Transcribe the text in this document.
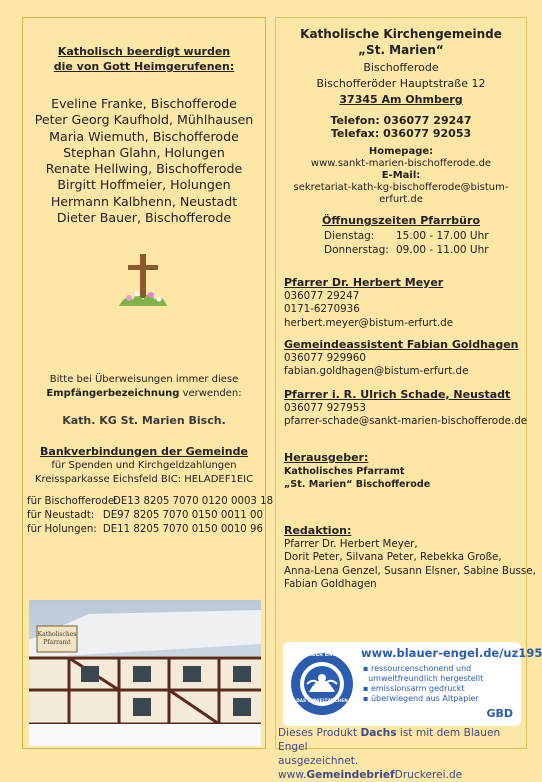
Katholisch beerdigt wurden
die von Gott Heimgerufenen:
Eveline Franke, Bischofferode
Peter Georg Kaufhold, Mühlhausen
Maria Wiemuth, Bischofferode
Stephan Glahn, Holungen
Renate Hellwing, Bischofferode
Birgitt Hoffmeier, Holungen
Hermann Kalbhenn, Neustadt
Dieter Bauer, Bischofferode
Bitte bei Überweisungen immer diese
Empfängerbezeichnung verwenden:
Kath. KG St. Marien Bisch.
Bankverbindungen der Gemeinde
für Spenden und Kirchgeldzahlungen
Kreissparkasse Eichsfeld BIC: HELADEF1EIC
für Bischofferode:
DE13 8205 7070 0120 0003 18
für Neustadt: DE97 8205 7070 0150 0011 00
für Holungen: DE11 8205 7070 0150 0010 96
Katholisches
Pfarramt
Katholische Kirchengemeinde
„St. Marien“
Bischofferode
Bischofferöder Hauptstraße 12
37345 Am Ohmberg
Telefon: 036077 29247
Telefax: 036077 92053
Homepage:
www.sankt-marien-bischofferode.de
E-Mail:
sekretariat-kath-kg-bischofferode@bistum-
erfurt.de
Öffnungszeiten Pfarrbüro
Dienstag:	15.00 - 17.00 Uhr
Donnerstag: 09.00 - 11.00 Uhr
Pfarrer Dr. Herbert Meyer
036077 29247
0171-6270936
herbert.meyer@bistum-erfurt.de
Gemeindeassistent Fabian Goldhagen
036077 929960
fabian.goldhagen@bistum-erfurt.de
Pfarrer i. R. Ulrich Schade, Neustadt
036077 927953
pfarrer-schade@sankt-marien-bischofferode.de
Herausgeber:
Katholisches Pfarramt
„St. Marien“ Bischofferode
Redaktion:
Pfarrer Dr. Herbert Meyer,
Dorit Peter, Silvana Peter, Rebekka Große,
Anna-Lena Genzel, Susann Elsner, Sabine Busse,
Fabian Goldhagen
www.blauer-engel.de/uz195
BLAUER ENGEL
DAS UMWELTZEICHEN
▪ ressourcenschonend und
umweltfreundlich hergestellt
▪ emissionsarm gedruckt
▪ überwiegend aus Altpapier
GBD
Dieses Produkt Dachs ist mit dem Blauen Engel
ausgezeichnet. www.GemeindebriefDruckerei.de
